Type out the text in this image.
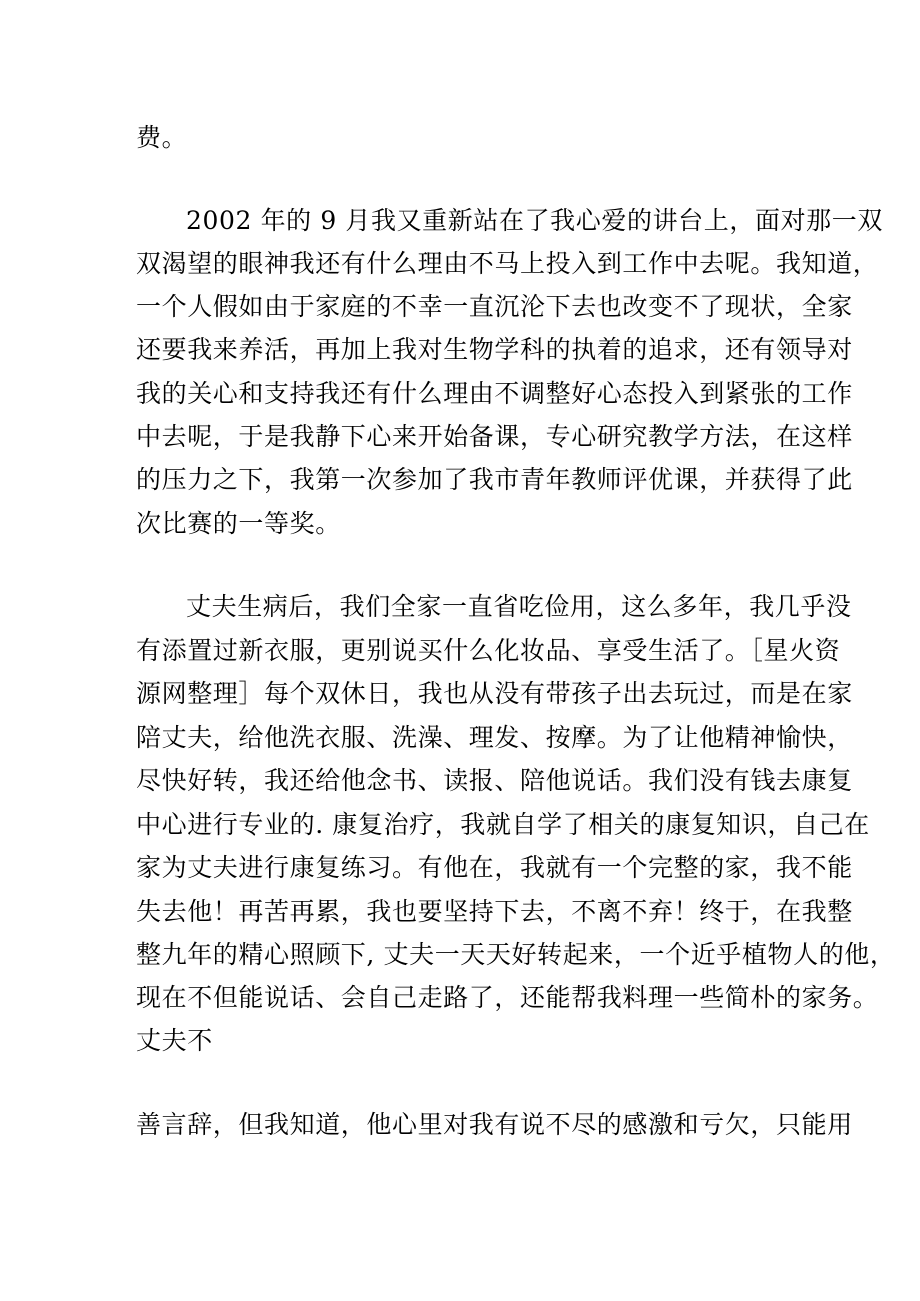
费。

2002 年的 9 月我又重新站在了我心爱的讲台上，面对那一双

双渴望的眼神我还有什么理由不马上投入到工作中去呢。我知道，

一个人假如由于家庭的不幸一直沉沦下去也改变不了现状，全家

还要我来养活，再加上我对生物学科的执着的追求，还有领导对

我的关心和支持我还有什么理由不调整好心态投入到紧张的工作

中去呢，于是我静下心来开始备课，专心研究教学方法，在这样

的压力之下，我第一次参加了我市青年教师评优课，并获得了此

次比赛的一等奖。

丈夫生病后，我们全家一直省吃俭用，这么多年，我几乎没

有添置过新衣服，更别说买什么化妆品、享受生活了。［星火资

源网整理］每个双休日，我也从没有带孩子出去玩过，而是在家

陪丈夫，给他洗衣服、洗澡、理发、按摩。为了让他精神愉快，

尽快好转，我还给他念书、读报、陪他说话。我们没有钱去康复

中心进行专业的. 康复治疗，我就自学了相关的康复知识，自己在

家为丈夫进行康复练习。有他在，我就有一个完整的家，我不能

失去他！再苦再累，我也要坚持下去，不离不弃！终于，在我整

整九年的精心照顾下, 丈夫一天天好转起来，一个近乎植物人的他，

现在不但能说话、会自己走路了，还能帮我料理一些简朴的家务。

丈夫不

善言辞，但我知道，他心里对我有说不尽的感激和亏欠，只能用
